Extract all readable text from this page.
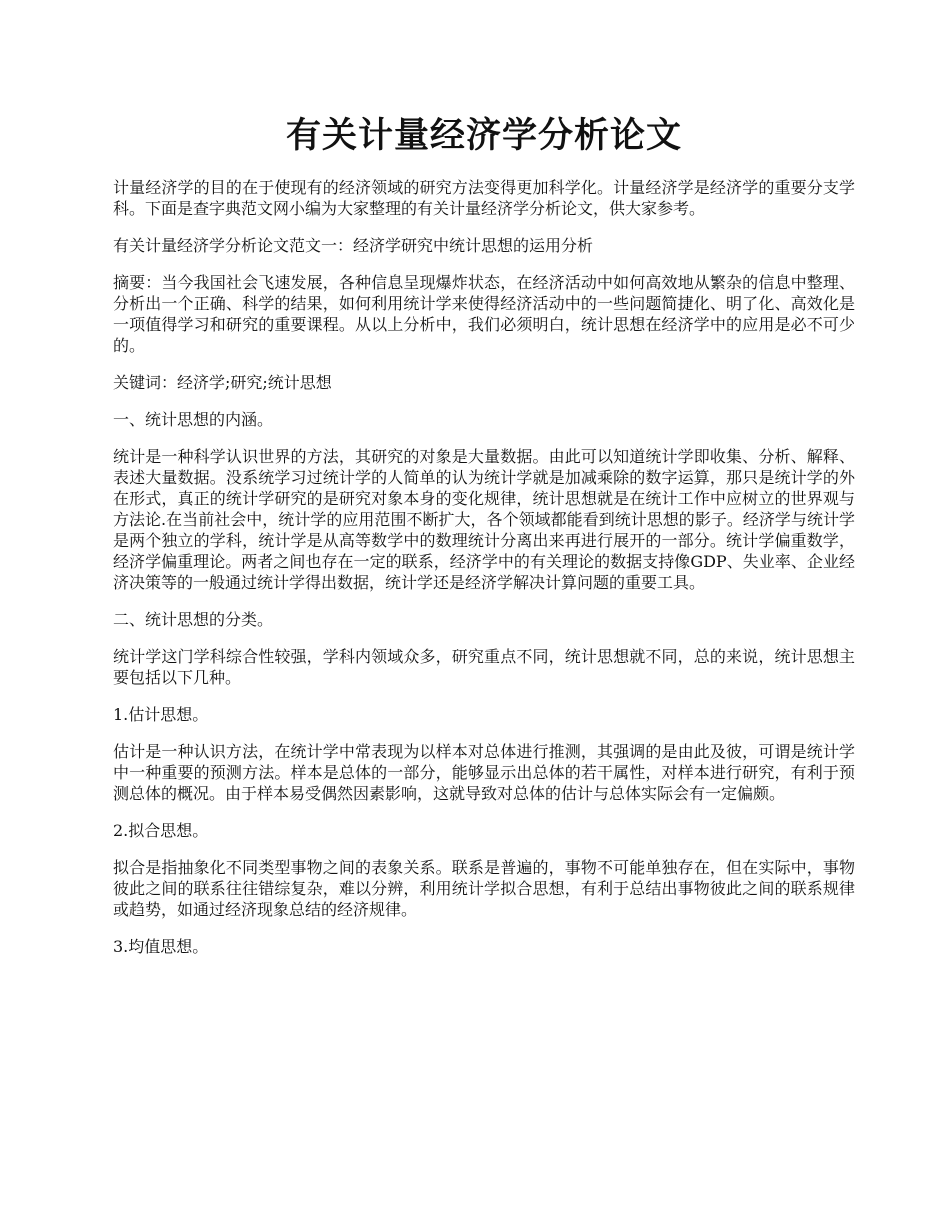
有关计量经济学分析论文

计量经济学的目的在于使现有的经济领域的研究方法变得更加科学化。计量经济学是经济学的重要分支学科。下面是查字典范文网小编为大家整理的有关计量经济学分析论文，供大家参考。

有关计量经济学分析论文范文一：经济学研究中统计思想的运用分析

摘要：当今我国社会飞速发展，各种信息呈现爆炸状态，在经济活动中如何高效地从繁杂的信息中整理、分析出一个正确、科学的结果，如何利用统计学来使得经济活动中的一些问题简捷化、明了化、高效化是一项值得学习和研究的重要课程。从以上分析中，我们必须明白，统计思想在经济学中的应用是必不可少的。

关键词：经济学;研究;统计思想

一、统计思想的内涵。

统计是一种科学认识世界的方法，其研究的对象是大量数据。由此可以知道统计学即收集、分析、解释、表述大量数据。没系统学习过统计学的人简单的认为统计学就是加减乘除的数字运算，那只是统计学的外在形式，真正的统计学研究的是研究对象本身的变化规律，统计思想就是在统计工作中应树立的世界观与方法论.在当前社会中，统计学的应用范围不断扩大，各个领域都能看到统计思想的影子。经济学与统计学是两个独立的学科，统计学是从高等数学中的数理统计分离出来再进行展开的一部分。统计学偏重数学，经济学偏重理论。两者之间也存在一定的联系，经济学中的有关理论的数据支持像GDP、失业率、企业经济决策等的一般通过统计学得出数据，统计学还是经济学解决计算问题的重要工具。

二、统计思想的分类。

统计学这门学科综合性较强，学科内领域众多，研究重点不同，统计思想就不同，总的来说，统计思想主要包括以下几种。

1.估计思想。

估计是一种认识方法，在统计学中常表现为以样本对总体进行推测，其强调的是由此及彼，可谓是统计学中一种重要的预测方法。样本是总体的一部分，能够显示出总体的若干属性，对样本进行研究，有利于预测总体的概况。由于样本易受偶然因素影响，这就导致对总体的估计与总体实际会有一定偏颇。

2.拟合思想。

拟合是指抽象化不同类型事物之间的表象关系。联系是普遍的，事物不可能单独存在，但在实际中，事物彼此之间的联系往往错综复杂，难以分辨，利用统计学拟合思想，有利于总结出事物彼此之间的联系规律或趋势，如通过经济现象总结的经济规律。

3.均值思想。
